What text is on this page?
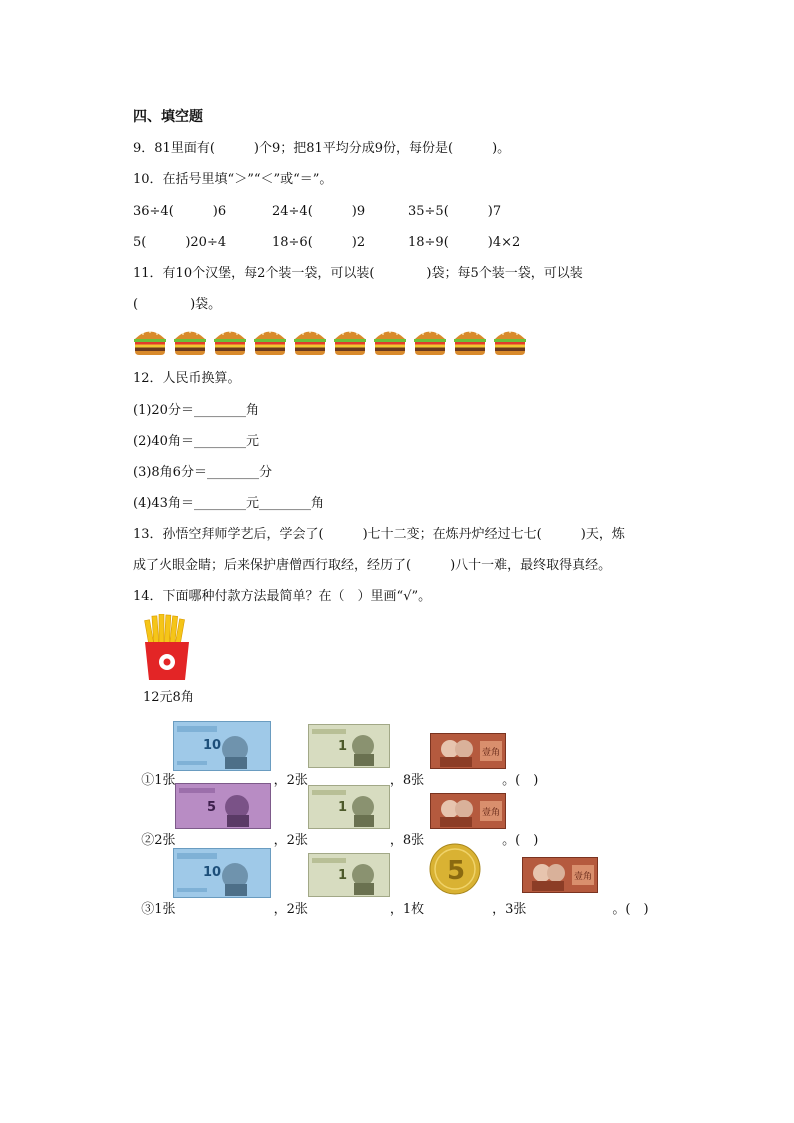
四、填空题
9．81里面有(　　　)个9；把81平均分成9份，每份是(　　　)。
10．在括号里填“＞”“＜”或“＝”。
36÷4(　　　)6	24÷4(　　　)9	35÷5(　　　)7
5(　　　)20÷4	18÷6(　　　)2	18÷9(　　　)4×2
11．有10个汉堡，每2个装一袋，可以装(　　　　)袋；每5个装一袋，可以装
(　　　　)袋。
12．人民币换算。
(1)20分＝________角
(2)40角＝________元
(3)8角6分＝________分
(4)43角＝________元________角
13．孙悟空拜师学艺后，学会了(　　　)七十二变；在炼丹炉经过七七(　　　)天，炼
成了火眼金睛；后来保护唐僧西行取经，经历了(　　　)八十一难，最终取得真经。
14．下面哪种付款方法最简单？在（　）里画“√”。
12元8角

①1张	，2张	，8张	。(　)

②2张	，2张	，8张	。(　)

③1张	，2张	，1枚	，3张	。(　)

10	1	壹角
5	1	壹角
10	1	5	壹角
